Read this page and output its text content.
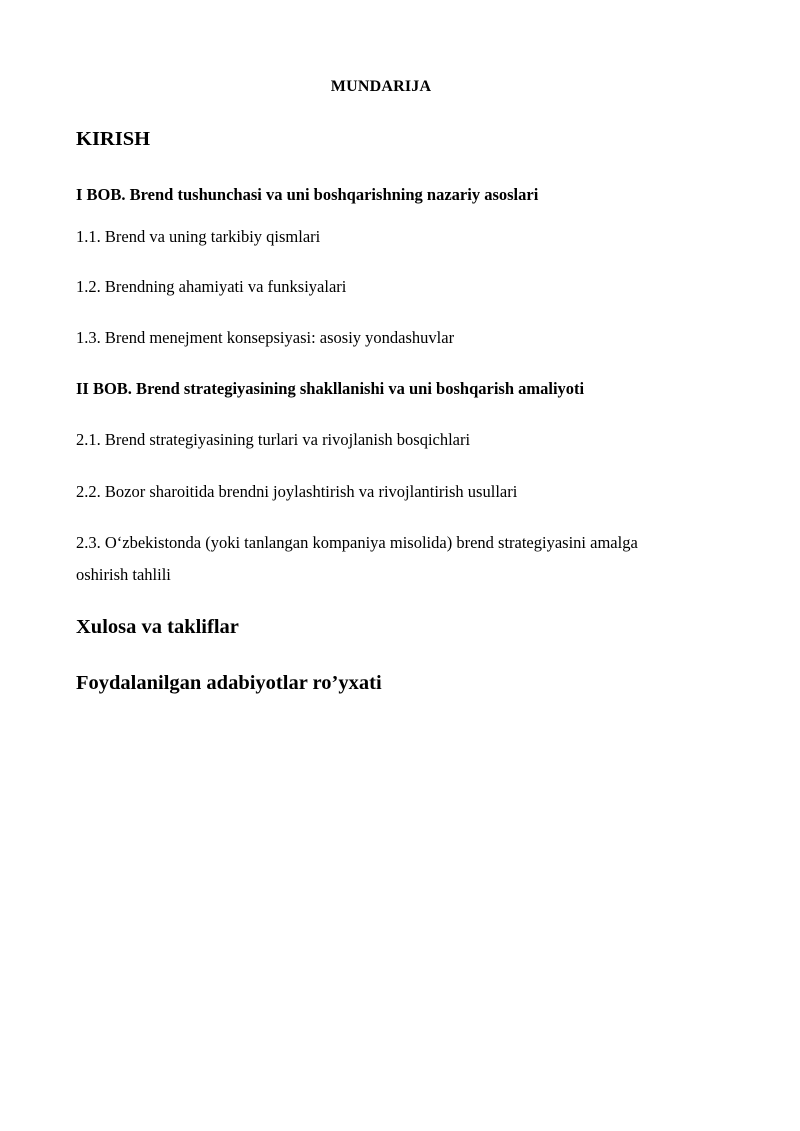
MUNDARIJA
KIRISH
I BOB. Brend tushunchasi va uni boshqarishning nazariy asoslari
1.1. Brend va uning tarkibiy qismlari
1.2. Brendning ahamiyati va funksiyalari
1.3. Brend menejment konsepsiyasi: asosiy yondashuvlar
II BOB. Brend strategiyasining shakllanishi va uni boshqarish amaliyoti
2.1. Brend strategiyasining turlari va rivojlanish bosqichlari
2.2. Bozor sharoitida brendni joylashtirish va rivojlantirish usullari
2.3. O‘zbekistonda (yoki tanlangan kompaniya misolida) brend strategiyasini amalga oshirish tahlili
Xulosa va takliflar
Foydalanilgan adabiyotlar ro’yxati
